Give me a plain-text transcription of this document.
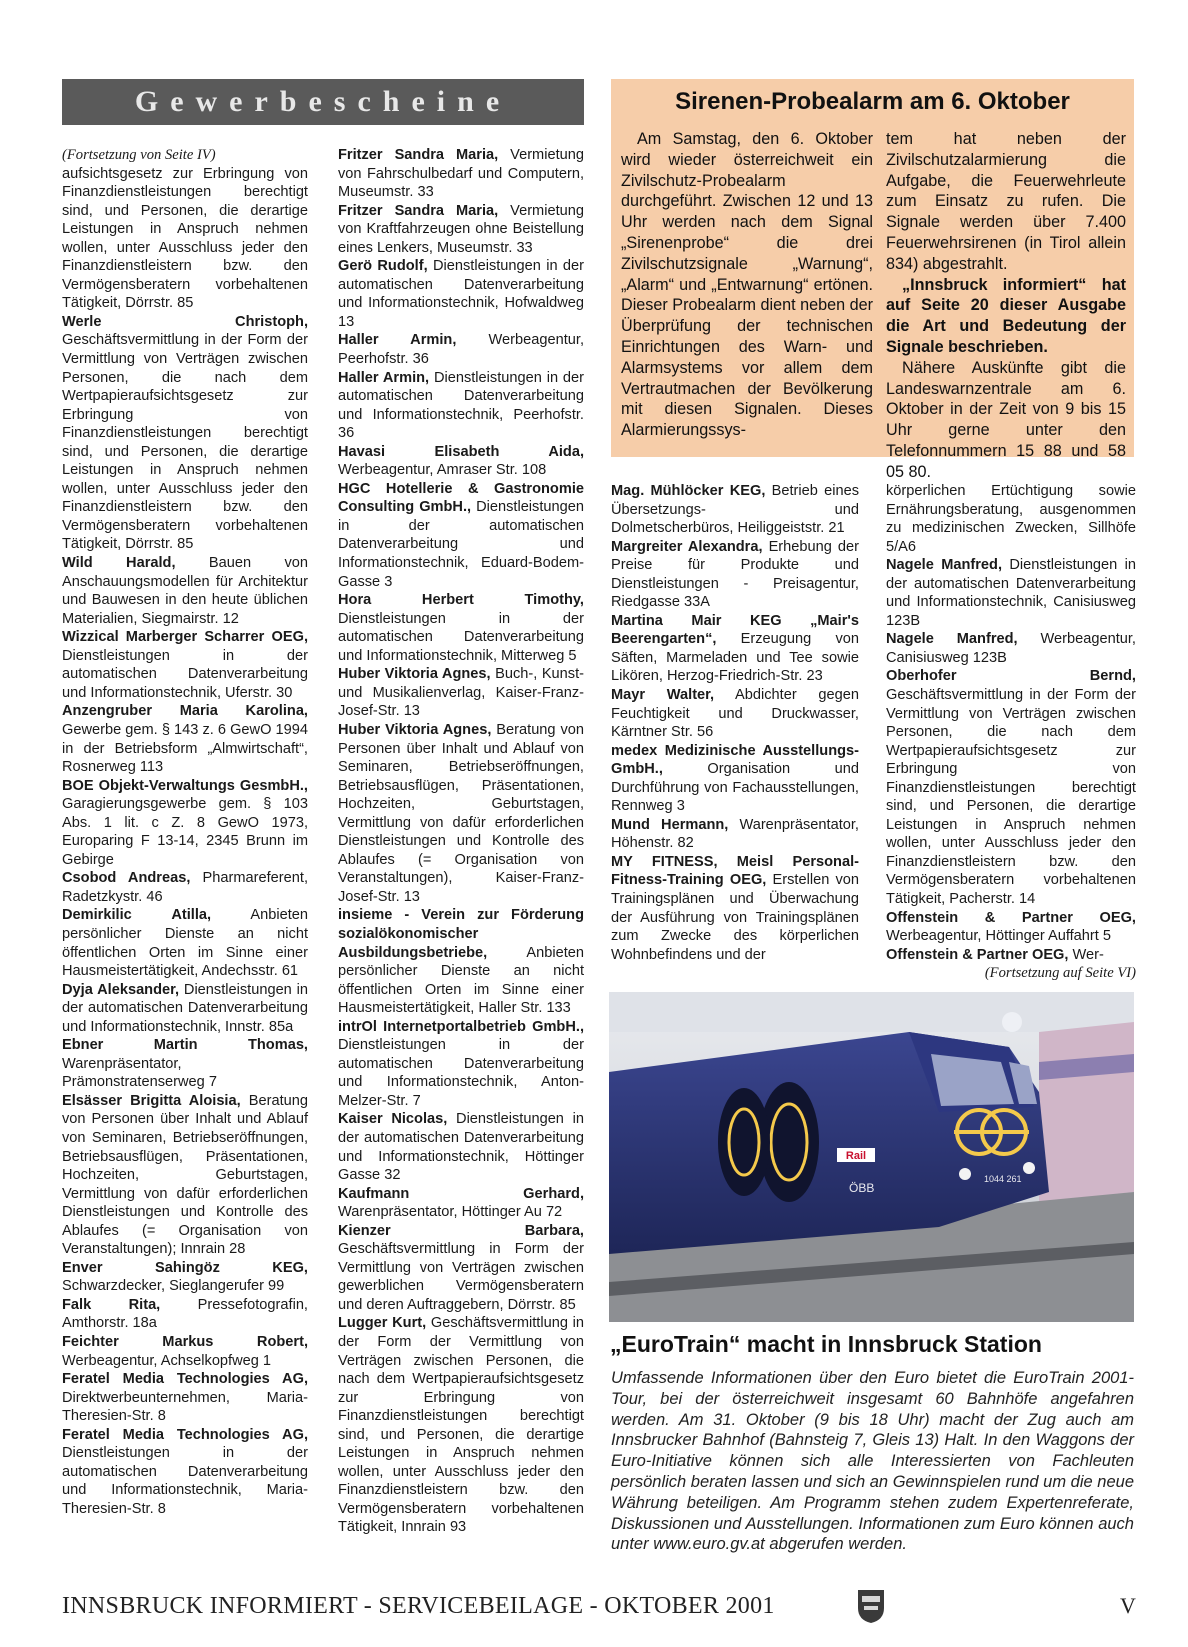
Gewerbescheine

(Fortsetzung von Seite IV)

aufsichtsgesetz zur Erbringung von Finanzdienstleistungen berechtigt sind, und Personen, die derartige Leistungen in Anspruch nehmen wollen, unter Ausschluss jeder den Finanzdienstleistern bzw. den Vermögensberatern vorbehaltenen Tätigkeit, Dörrstr. 85

Werle Christoph, Geschäftsvermittlung in der Form der Vermittlung von Verträgen zwischen Personen, die nach dem Wertpapieraufsichtsgesetz zur Erbringung von Finanzdienstleistungen berechtigt sind, und Personen, die derartige Leistungen in Anspruch nehmen wollen, unter Ausschluss jeder den Finanzdienstleistern bzw. den Vermögensberatern vorbehaltenen Tätigkeit, Dörrstr. 85

Wild Harald, Bauen von Anschauungsmodellen für Architektur und Bauwesen in den heute üblichen Materialien, Siegmairstr. 12

Wizzical Marberger Scharrer OEG, Dienstleistungen in der automatischen Datenverarbeitung und Informationstechnik, Uferstr. 30

Anzengruber Maria Karolina, Gewerbe gem. § 143 z. 6 GewO 1994 in der Betriebsform „Almwirtschaft“, Rosnerweg 113

BOE Objekt-Verwaltungs GesmbH., Garagierungsgewerbe gem. § 103 Abs. 1 lit. c Z. 8 GewO 1973, Europaring F 13-14, 2345 Brunn im Gebirge

Csobod Andreas, Pharmareferent, Radetzkystr. 46

Demirkilic Atilla, Anbieten persönlicher Dienste an nicht öffentlichen Orten im Sinne einer Hausmeistertätigkeit, Andechsstr. 61

Dyja Aleksander, Dienstleistungen in der automatischen Datenverarbeitung und Informationstechnik, Innstr. 85a

Ebner Martin Thomas, Warenpräsentator, Prämonstratenserweg 7

Elsässer Brigitta Aloisia, Beratung von Personen über Inhalt und Ablauf von Seminaren, Betriebseröffnungen, Betriebsausflügen, Präsentationen, Hochzeiten, Geburtstagen, Vermittlung von dafür erforderlichen Dienstleistungen und Kontrolle des Ablaufes (= Organisation von Veranstaltungen); Innrain 28

Enver Sahingöz KEG, Schwarzdecker, Sieglangerufer 99

Falk Rita, Pressefotografin, Amthorstr. 18a

Feichter Markus Robert, Werbeagentur, Achselkopfweg 1

Feratel Media Technologies AG, Direktwerbeunternehmen, Maria-Theresien-Str. 8

Feratel Media Technologies AG, Dienstleistungen in der automatischen Datenverarbeitung und Informationstechnik, Maria-Theresien-Str. 8

Fritzer Sandra Maria, Vermietung von Fahrschulbedarf und Computern, Museumstr. 33

Fritzer Sandra Maria, Vermietung von Kraftfahrzeugen ohne Beistellung eines Lenkers, Museumstr. 33

Gerö Rudolf, Dienstleistungen in der automatischen Datenverarbeitung und Informationstechnik, Hofwaldweg 13

Haller Armin, Werbeagentur, Peerhofstr. 36

Haller Armin, Dienstleistungen in der automatischen Datenverarbeitung und Informationstechnik, Peerhofstr. 36

Havasi Elisabeth Aida, Werbeagentur, Amraser Str. 108

HGC Hotellerie & Gastronomie Consulting GmbH., Dienstleistungen in der automatischen Datenverarbeitung und Informationstechnik, Eduard-Bodem-Gasse 3

Hora Herbert Timothy, Dienstleistungen in der automatischen Datenverarbeitung und Informationstechnik, Mitterweg 5

Huber Viktoria Agnes, Buch-, Kunst- und Musikalienverlag, Kaiser-Franz-Josef-Str. 13

Huber Viktoria Agnes, Beratung von Personen über Inhalt und Ablauf von Seminaren, Betriebseröffnungen, Betriebsausflügen, Präsentationen, Hochzeiten, Geburtstagen, Vermittlung von dafür erforderlichen Dienstleistungen und Kontrolle des Ablaufes (= Organisation von Veranstaltungen), Kaiser-Franz-Josef-Str. 13

insieme - Verein zur Förderung sozialökonomischer Ausbildungsbetriebe, Anbieten persönlicher Dienste an nicht öffentlichen Orten im Sinne einer Hausmeistertätigkeit, Haller Str. 133

intrOl Internetportalbetrieb GmbH., Dienstleistungen in der automatischen Datenverarbeitung und Informationstechnik, Anton-Melzer-Str. 7

Kaiser Nicolas, Dienstleistungen in der automatischen Datenverarbeitung und Informationstechnik, Höttinger Gasse 32

Kaufmann Gerhard, Warenpräsentator, Höttinger Au 72

Kienzer Barbara, Geschäftsvermittlung in Form der Vermittlung von Verträgen zwischen gewerblichen Vermögensberatern und deren Auftraggebern, Dörrstr. 85

Lugger Kurt, Geschäftsvermittlung in der Form der Vermittlung von Verträgen zwischen Personen, die nach dem Wertpapieraufsichtsgesetz zur Erbringung von Finanzdienstleistungen berechtigt sind, und Personen, die derartige Leistungen in Anspruch nehmen wollen, unter Ausschluss jeder den Finanzdienstleistern bzw. den Vermögensberatern vorbehaltenen Tätigkeit, Innrain 93

Sirenen-Probealarm am 6. Oktober
Am Samstag, den 6. Oktober wird wieder österreichweit ein Zivilschutz-Probealarm durchgeführt. Zwischen 12 und 13 Uhr werden nach dem Signal „Sirenenprobe“ die drei Zivilschutzsignale „Warnung“, „Alarm“ und „Entwarnung“ ertönen. Dieser Probealarm dient neben der Überprüfung der technischen Einrichtungen des Warn- und Alarmsystems vor allem dem Vertrautmachen der Bevölkerung mit diesen Signalen. Dieses Alarmierungssys-
tem hat neben der Zivilschutzalarmierung die Aufgabe, die Feuerwehrleute zum Einsatz zu rufen. Die Signale werden über 7.400 Feuerwehrsirenen (in Tirol allein 834) abgestrahlt.
„Innsbruck informiert“ hat auf Seite 20 dieser Ausgabe die Art und Bedeutung der Signale beschrieben.
Nähere Auskünfte gibt die Landeswarnzentrale am 6. Oktober in der Zeit von 9 bis 15 Uhr gerne unter den Telefonnummern 15 88 und 58 05 80.

Mag. Mühlöcker KEG, Betrieb eines Übersetzungs- und Dolmetscherbüros, Heiliggeiststr. 21

Margreiter Alexandra, Erhebung der Preise für Produkte und Dienstleistungen - Preisagentur, Riedgasse 33A

Martina Mair KEG „Mair's Beerengarten“, Erzeugung von Säften, Marmeladen und Tee sowie Likören, Herzog-Friedrich-Str. 23

Mayr Walter, Abdichter gegen Feuchtigkeit und Druckwasser, Kärntner Str. 56

medex Medizinische Ausstellungs-GmbH., Organisation und Durchführung von Fachausstellungen, Rennweg 3

Mund Hermann, Warenpräsentator, Höhenstr. 82

MY FITNESS, Meisl Personal-Fitness-Training OEG, Erstellen von Trainingsplänen und Überwachung der Ausführung von Trainingsplänen zum Zwecke des körperlichen Wohnbefindens und der

körperlichen Ertüchtigung sowie Ernährungsberatung, ausgenommen zu medizinischen Zwecken, Sillhöfe 5/A6

Nagele Manfred, Dienstleistungen in der automatischen Datenverarbeitung und Informationstechnik, Canisiusweg 123B

Nagele Manfred, Werbeagentur, Canisiusweg 123B

Oberhofer Bernd, Geschäftsvermittlung in der Form der Vermittlung von Verträgen zwischen Personen, die nach dem Wertpapieraufsichtsgesetz zur Erbringung von Finanzdienstleistungen berechtigt sind, und Personen, die derartige Leistungen in Anspruch nehmen wollen, unter Ausschluss jeder den Finanzdienstleistern bzw. den Vermögensberatern vorbehaltenen Tätigkeit, Pacherstr. 14

Offenstein & Partner OEG, Werbeagentur, Höttinger Auffahrt 5

Offenstein & Partner OEG, Wer-

(Fortsetzung auf Seite VI)
Rail
ÖBB
1044 261
„EuroTrain“ macht in Innsbruck Station
Umfassende Informationen über den Euro bietet die EuroTrain 2001-Tour, bei der österreichweit insgesamt 60 Bahnhöfe angefahren werden. Am 31. Oktober (9 bis 18 Uhr) macht der Zug auch am Innsbrucker Bahnhof (Bahnsteig 7, Gleis 13) Halt. In den Waggons der Euro-Initiative können sich alle Interessierten von Fachleuten persönlich beraten lassen und sich an Gewinnspielen rund um die neue Währung beteiligen. Am Programm stehen zudem Expertenreferate, Diskussionen und Ausstellungen. Informationen zum Euro können auch unter www.euro.gv.at abgerufen werden.
INNSBRUCK INFORMIERT - SERVICEBEILAGE - OKTOBER 2001	V
